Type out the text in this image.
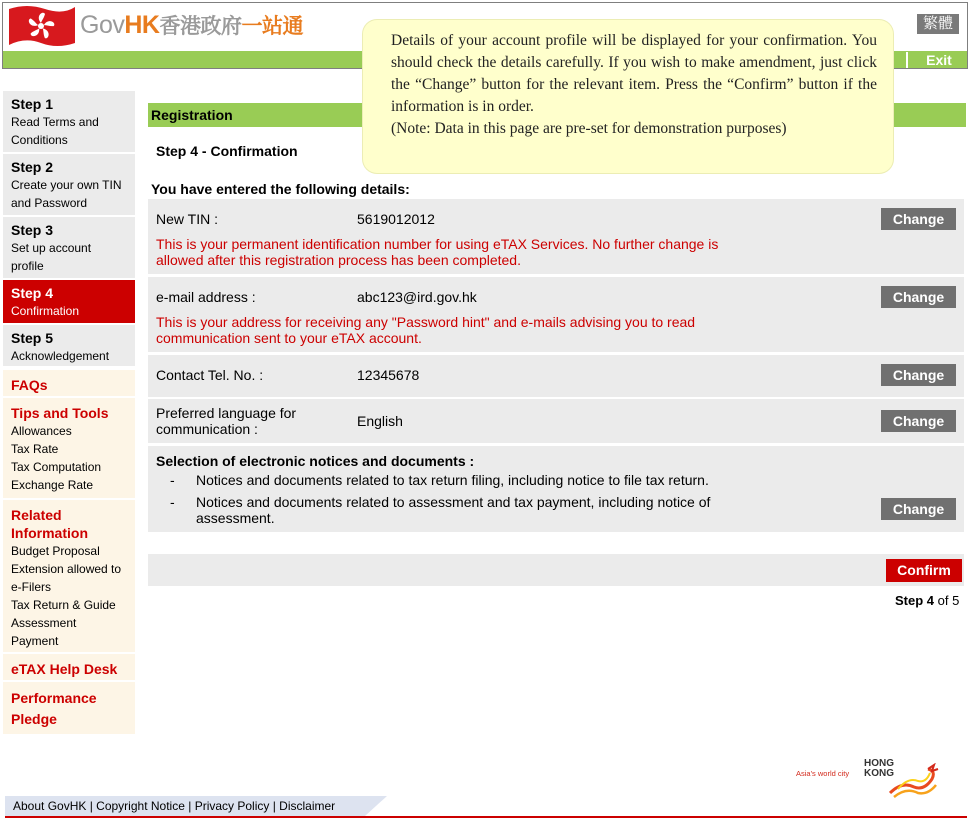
GovHK香港政府一站通	繁體
Exit
Step 1
Read Terms and
Conditions
Step 2
Create your own TIN
and Password
Step 3
Set up account
profile
Step 4
Confirmation
Step 5
Acknowledgement
FAQs
Tips and Tools
Allowances
Tax Rate
Tax Computation
Exchange Rate
Related
Information
Budget Proposal
Extension allowed to
e-Filers
Tax Return & Guide
Assessment
Payment
eTAX Help Desk
Performance
Pledge
Registration
Step 4 - Confirmation
You have entered the following details:
New TIN :	5619012012	Change
This is your permanent identification number for using eTAX Services. No further change is
allowed after this registration process has been completed.
e-mail address :	abc123@ird.gov.hk	Change
This is your address for receiving any "Password hint" and e-mails advising you to read
communication sent to your eTAX account.
Contact Tel. No. :	12345678	Change
Preferred language for
communication :	English	Change
Selection of electronic notices and documents :
- Notices and documents related to tax return filing, including notice to file tax return.
- Notices and documents related to assessment and tax payment, including notice of
assessment.
Change
Confirm
Step 4 of 5
Details of your account profile will be displayed for your confirmation. You should check the details carefully. If you wish to make amendment, just click the “Change” button for the relevant item. Press the “Confirm” button if the information is in order.
(Note: Data in this page are pre-set for demonstration purposes)
Asia's world city
HONG
KONG
About GovHK | Copyright Notice | Privacy Policy | Disclaimer
